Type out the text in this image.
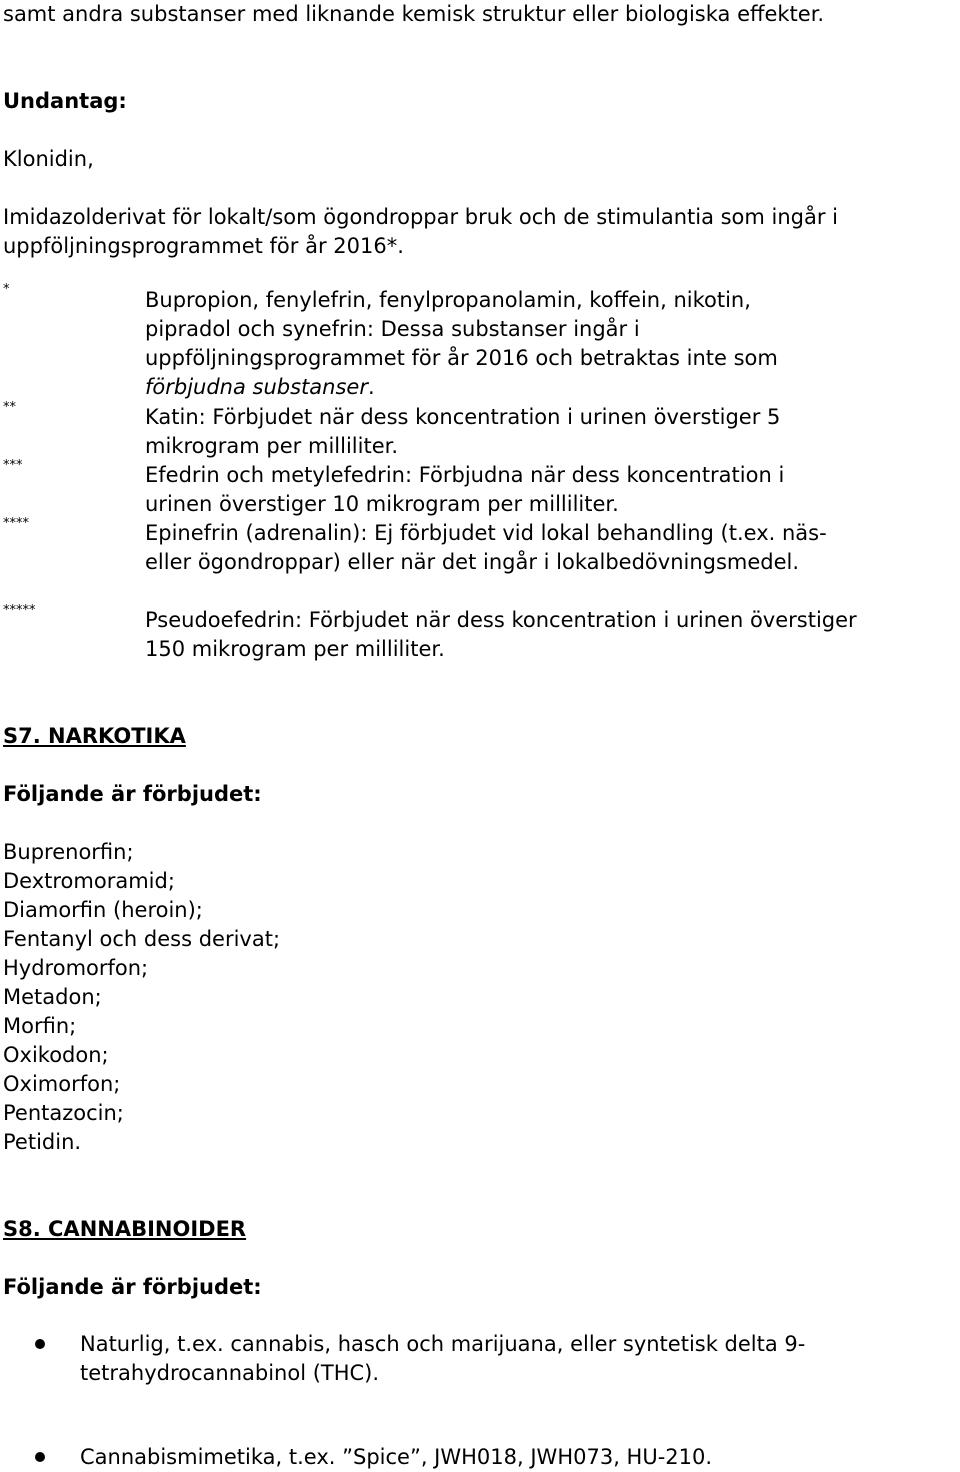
samt andra substanser med liknande kemisk struktur eller biologiska effekter.
Undantag:
Klonidin,
Imidazolderivat för lokalt/som ögondroppar bruk och de stimulantia som ingår i
uppföljningsprogrammet för år 2016*.
*	Bupropion, fenylefrin, fenylpropanolamin, koffein, nikotin,
pipradol och synefrin: Dessa substanser ingår i
uppföljningsprogrammet för år 2016 och betraktas inte som
förbjudna substanser.
**	Katin: Förbjudet när dess koncentration i urinen överstiger 5
mikrogram per milliliter.
***	Efedrin och metylefedrin: Förbjudna när dess koncentration i
urinen överstiger 10 mikrogram per milliliter.
****	Epinefrin (adrenalin): Ej förbjudet vid lokal behandling (t.ex. näs-
eller ögondroppar) eller när det ingår i lokalbedövningsmedel.
*****	Pseudoefedrin: Förbjudet när dess koncentration i urinen överstiger
150 mikrogram per milliliter.
S7. NARKOTIKA
Följande är förbjudet:
Buprenorfin;
Dextromoramid;
Diamorfin (heroin);
Fentanyl och dess derivat;
Hydromorfon;
Metadon;
Morfin;
Oxikodon;
Oximorfon;
Pentazocin;
Petidin.
S8. CANNABINOIDER
Följande är förbjudet:
Naturlig, t.ex. cannabis, hasch och marijuana, eller syntetisk delta 9-
tetrahydrocannabinol (THC).
Cannabismimetika, t.ex. ”Spice”, JWH018, JWH073, HU-210.
